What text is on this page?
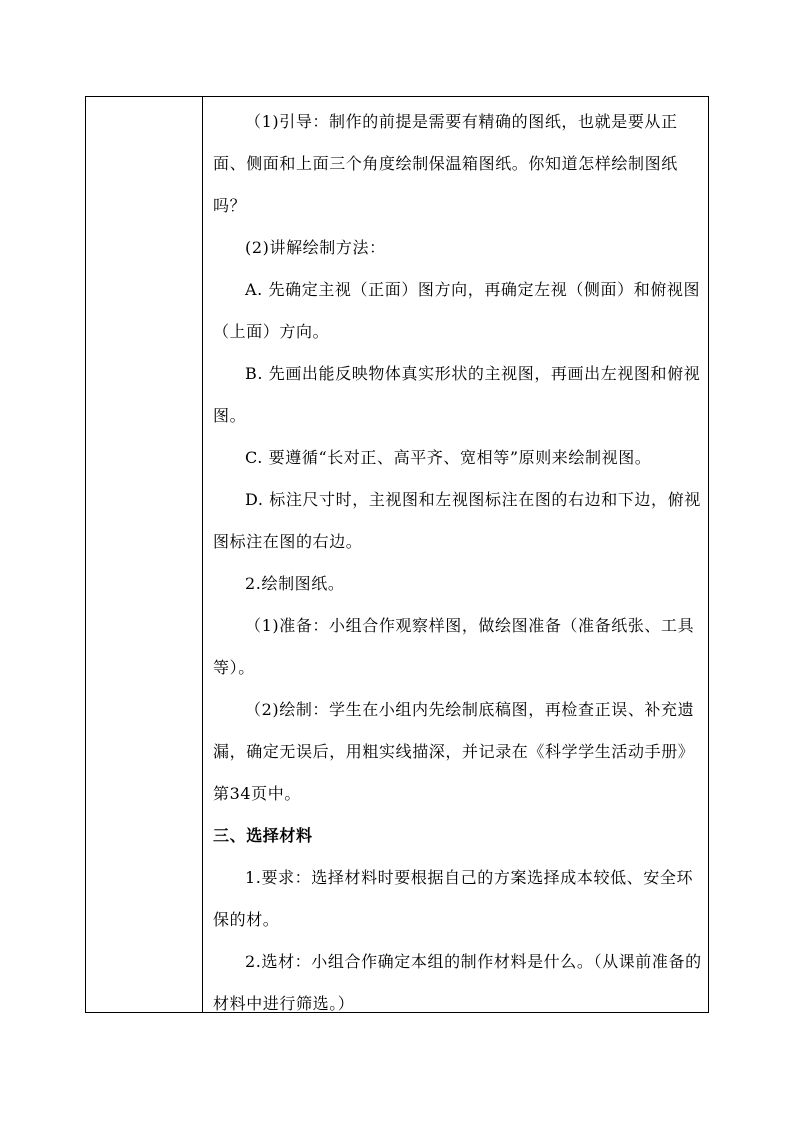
（1)引导：制作的前提是需要有精确的图纸，也就是要从正面、侧面和上面三个角度绘制保温箱图纸。你知道怎样绘制图纸吗？

(2)讲解绘制方法：

A. 先确定主视（正面）图方向，再确定左视（侧面）和俯视图（上面）方向。

B. 先画出能反映物体真实形状的主视图，再画出左视图和俯视图。

C. 要遵循“长对正、高平齐、宽相等”原则来绘制视图。

D. 标注尺寸时，主视图和左视图标注在图的右边和下边，俯视图标注在图的右边。

2.绘制图纸。

（1)准备：小组合作观察样图，做绘图准备（准备纸张、工具等）。

（2)绘制：学生在小组内先绘制底稿图，再检查正误、补充遗漏，确定无误后，用粗实线描深，并记录在《科学学生活动手册》第34页中。

三、选择材料

1.要求：选择材料时要根据自己的方案选择成本较低、安全环保的材。

2.选材：小组合作确定本组的制作材料是什么。（从课前准备的材料中进行筛选。）
